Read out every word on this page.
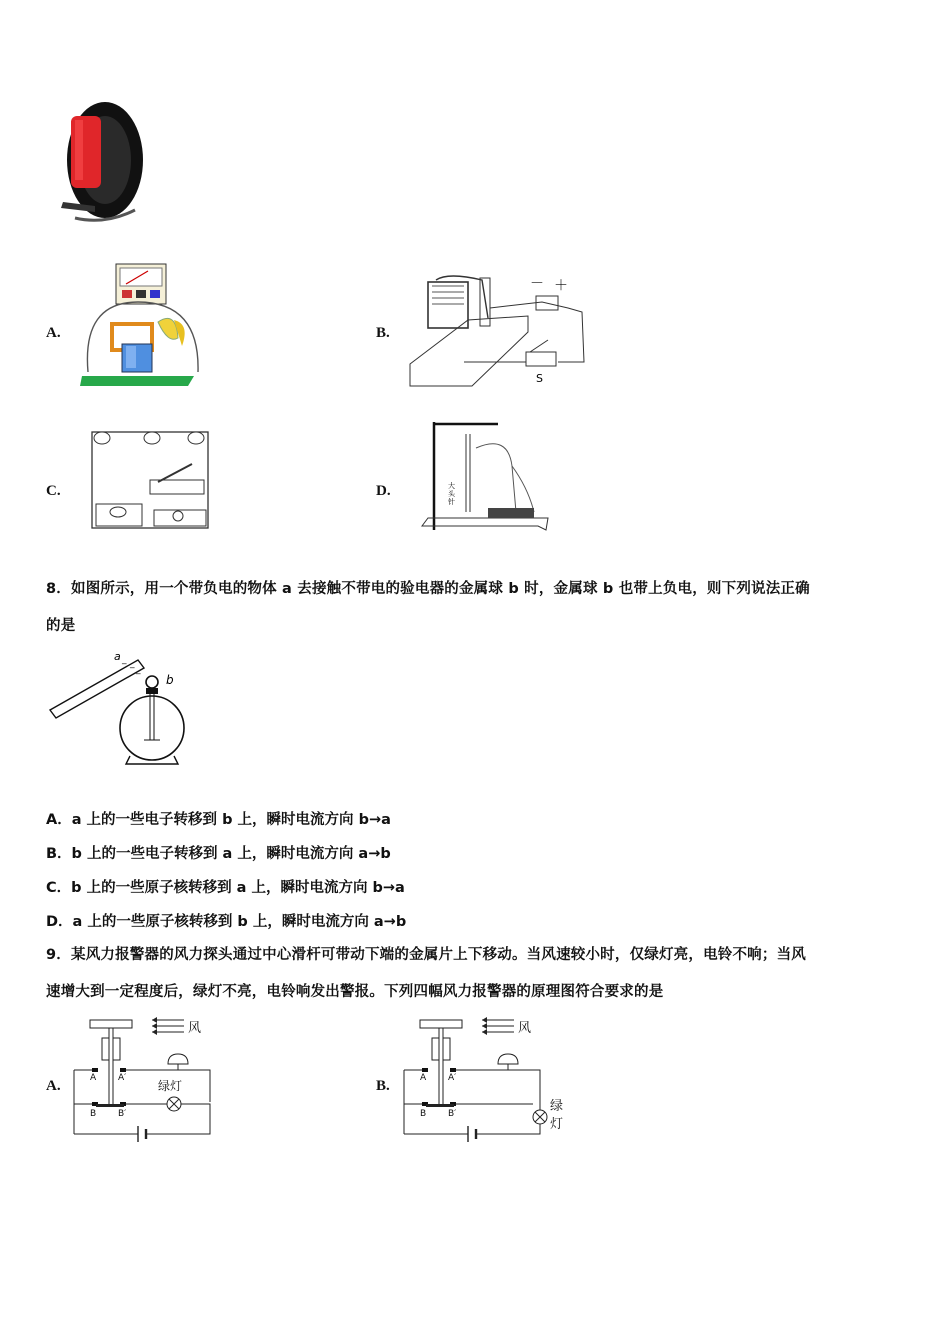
A.	B.
－ ＋
S
C.	D.	大
头
针
8．如图所示，用一个带负电的物体 a 去接触不带电的验电器的金属球 b 时，金属球 b 也带上负电，则下列说法正确
的是
a _ _
_
b
A．a 上的一些电子转移到 b 上，瞬时电流方向 b→a
B．b 上的一些电子转移到 a 上，瞬时电流方向 a→b
C．b 上的一些原子核转移到 a 上，瞬时电流方向 b→a
D．a 上的一些原子核转移到 b 上，瞬时电流方向 a→b
9．某风力报警器的风力探头通过中心滑杆可带动下端的金属片上下移动。当风速较小时，仅绿灯亮，电铃不响；当风
速增大到一定程度后，绿灯不亮，电铃响发出警报。下列四幅风力报警器的原理图符合要求的是
A.
风
A A′
绿灯
B B′
B.
风
A A′
B B′	绿
灯
